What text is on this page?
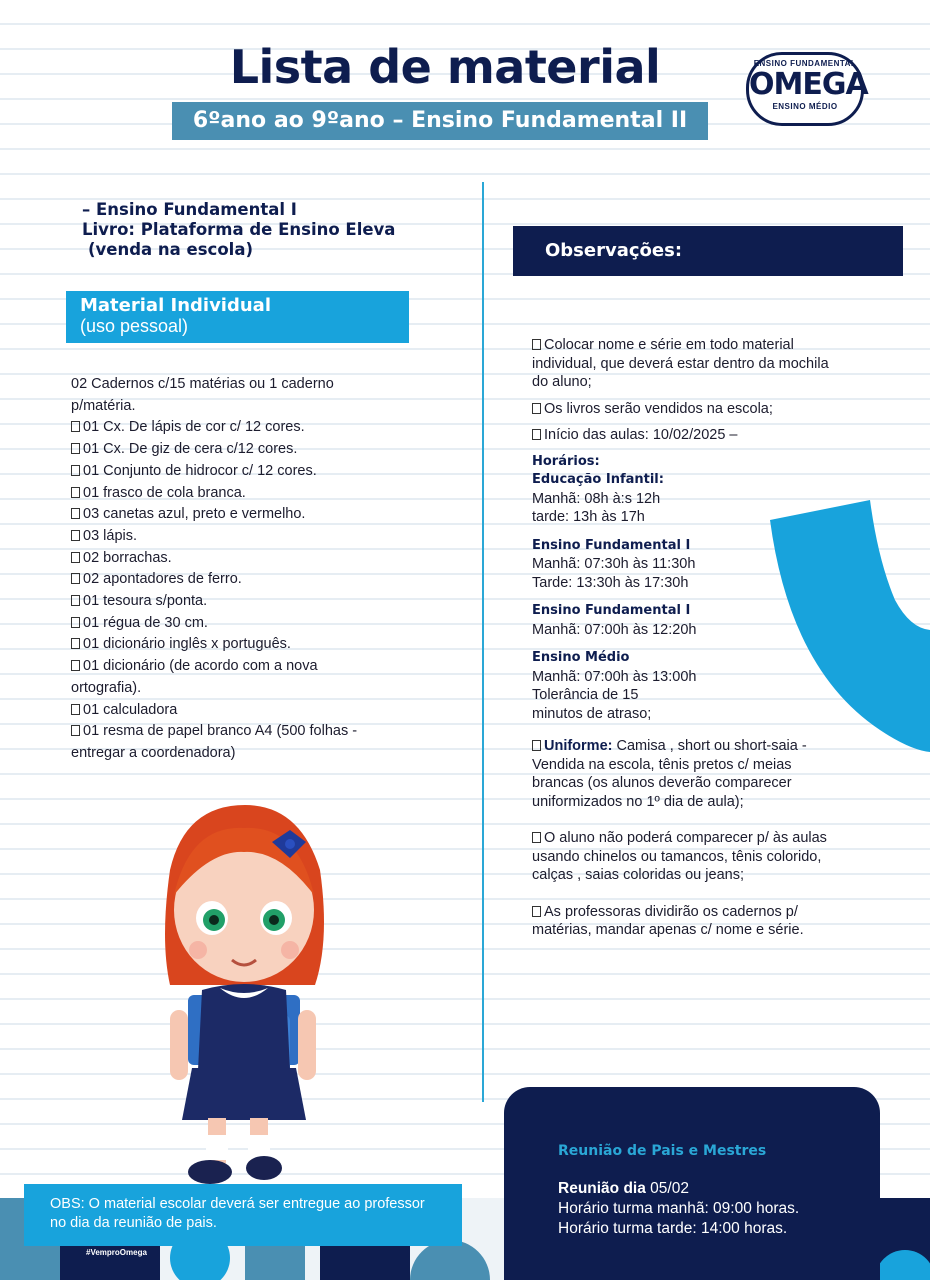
Lista de material
6ºano ao 9ºano – Ensino Fundamental II
ENSINO FUNDAMENTAL
OMEGA
ENSINO MÉDIO
– Ensino Fundamental I
Livro: Plataforma de Ensino Eleva
(venda na escola)
Material Individual
(uso pessoal)
02 Cadernos c/15 matérias ou 1 caderno p/matéria.
01 Cx. De lápis de cor c/ 12 cores.
01 Cx. De giz de cera c/12 cores.
01 Conjunto de hidrocor c/ 12 cores.
01 frasco de cola branca.
03 canetas azul, preto e vermelho.
03 lápis.
02 borrachas.
02 apontadores de ferro.
01 tesoura s/ponta.
01 régua de 30 cm.
01 dicionário inglês x português.
01 dicionário (de acordo com a nova ortografia).
01 calculadora
01 resma de papel branco A4 (500 folhas -entregar a coordenadora)
#VemproOmega
OBS: O material escolar deverá ser entregue ao professor no dia da reunião de pais.
Observações:

Colocar nome e série em todo material individual, que deverá estar dentro da mochila do aluno;

Os livros serão vendidos na escola;

Início das aulas: 10/02/2025 –

Horários:
Educação Infantil:
Manhã: 08h à:s 12h
tarde: 13h às 17h
Ensino Fundamental I
Manhã: 07:30h às 11:30h
Tarde: 13:30h às 17:30h
Ensino Fundamental I
Manhã: 07:00h às 12:20h
Ensino Médio
Manhã: 07:00h às 13:00h
Tolerância de 15 minutos de atraso;

Uniforme: Camisa , short ou short-saia - Vendida na escola, tênis pretos c/ meias brancas (os alunos deverão comparecer uniformizados no 1º dia de aula);

O aluno não poderá comparecer p/ às aulas usando chinelos ou tamancos, tênis colorido, calças , saias coloridas ou jeans;

As professoras dividirão os cadernos p/ matérias, mandar apenas c/ nome e série.

Reunião de Pais e Mestres
Reunião dia 05/02
Horário turma manhã: 09:00 horas.
Horário turma tarde: 14:00 horas.
